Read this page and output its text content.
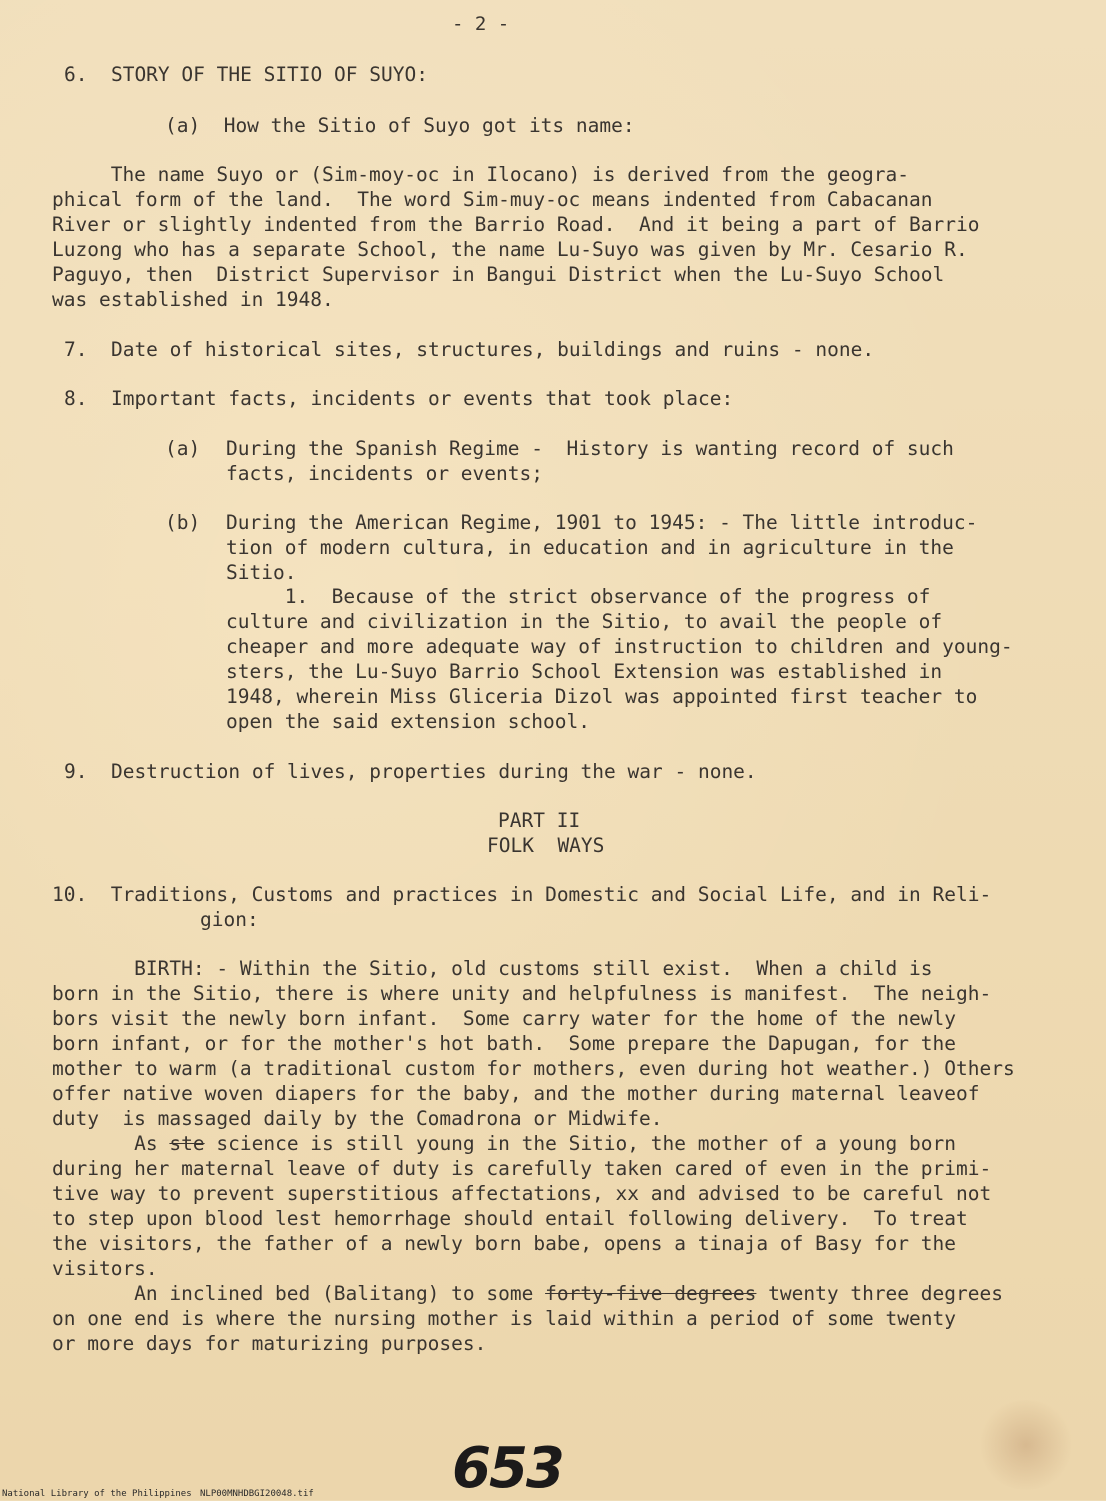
- 2 -
6.  STORY OF THE SITIO OF SUYO:
(a)  How the Sitio of Suyo got its name:
The name Suyo or (Sim-moy-oc in Ilocano) is derived from the geogra-
phical form of the land.  The word Sim-muy-oc means indented from Cabacanan
River or slightly indented from the Barrio Road.  And it being a part of Barrio
Luzong who has a separate School, the name Lu-Suyo was given by Mr. Cesario R.
Paguyo, then  District Supervisor in Bangui District when the Lu-Suyo School
was established in 1948.
7.  Date of historical sites, structures, buildings and ruins - none.
8.  Important facts, incidents or events that took place:
(a) During the Spanish Regime -  History is wanting record of such
facts, incidents or events;
(b) During the American Regime, 1901 to 1945: - The little introduc-
tion of modern cultura, in education and in agriculture in the
Sitio.
1.  Because of the strict observance of the progress of
culture and civilization in the Sitio, to avail the people of
cheaper and more adequate way of instruction to children and young-
sters, the Lu-Suyo Barrio School Extension was established in
1948, wherein Miss Gliceria Dizol was appointed first teacher to
open the said extension school.
9.  Destruction of lives, properties during the war - none.
PART II
FOLK  WAYS
10.  Traditions, Customs and practices in Domestic and Social Life, and in Reli-
gion:
BIRTH: - Within the Sitio, old customs still exist.  When a child is
born in the Sitio, there is where unity and helpfulness is manifest.  The neigh-
bors visit the newly born infant.  Some carry water for the home of the newly
born infant, or for the mother's hot bath.  Some prepare the Dapugan, for the
mother to warm (a traditional custom for mothers, even during hot weather.) Others
offer native woven diapers for the baby, and the mother during maternal leaveof
duty  is massaged daily by the Comadrona or Midwife.
As ste science is still young in the Sitio, the mother of a young born
during her maternal leave of duty is carefully taken cared of even in the primi-
tive way to prevent superstitious affectations, xx and advised to be careful not
to step upon blood lest hemorrhage should entail following delivery.  To treat
the visitors, the father of a newly born babe, opens a tinaja of Basy for the
visitors.
An inclined bed (Balitang) to some forty-five degrees twenty three degrees
on one end is where the nursing mother is laid within a period of some twenty
or more days for maturizing purposes.
653
National Library of the Philippines NLP00MNHDBGI20048.tif
